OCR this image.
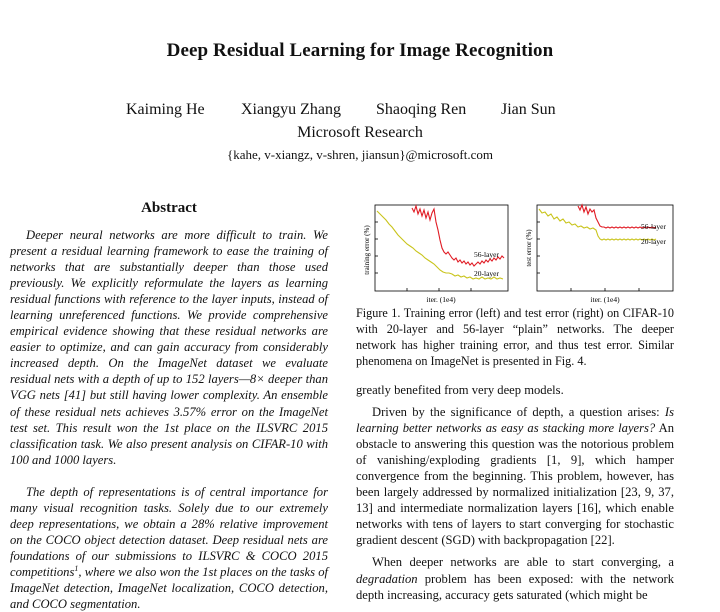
Deep Residual Learning for Image Recognition
Kaiming He Xiangyu Zhang Shaoqing Ren Jian Sun
Microsoft Research
{kahe, v-xiangz, v-shren, jiansun}@microsoft.com
Abstract

Deeper neural networks are more difficult to train. We present a residual learning framework to ease the training of networks that are substantially deeper than those used previously. We explicitly reformulate the layers as learning residual functions with reference to the layer inputs, instead of learning unreferenced functions. We provide comprehensive empirical evidence showing that these residual networks are easier to optimize, and can gain accuracy from considerably increased depth. On the ImageNet dataset we evaluate residual nets with a depth of up to 152 layers—8× deeper than VGG nets [41] but still having lower complexity. An ensemble of these residual nets achieves 3.57% error on the ImageNet test set. This result won the 1st place on the ILSVRC 2015 classification task. We also present analysis on CIFAR-10 with 100 and 1000 layers.

The depth of representations is of central importance for many visual recognition tasks. Solely due to our extremely deep representations, we obtain a 28% relative improvement on the COCO object detection dataset. Deep residual nets are foundations of our submissions to ILSVRC & COCO 2015 competitions$^1$, where we also won the 1st places on the tasks of ImageNet detection, ImageNet localization, COCO detection, and COCO segmentation.

56-layer
20-layer
training error (%)
iter. (1e4)
56-layer
20-layer
test error (%)
iter. (1e4)
Figure 1. Training error (left) and test error (right) on CIFAR-10 with 20-layer and 56-layer “plain” networks. The deeper network has higher training error, and thus test error. Similar phenomena on ImageNet is presented in Fig. 4.

greatly benefited from very deep models.

Driven by the significance of depth, a question arises: Is learning better networks as easy as stacking more layers? An obstacle to answering this question was the notorious problem of vanishing/exploding gradients [1, 9], which hamper convergence from the beginning. This problem, however, has been largely addressed by normalized initialization [23, 9, 37, 13] and intermediate normalization layers [16], which enable networks with tens of layers to start converging for stochastic gradient descent (SGD) with backpropagation [22].

When deeper networks are able to start converging, a degradation problem has been exposed: with the network depth increasing, accuracy gets saturated (which might be
